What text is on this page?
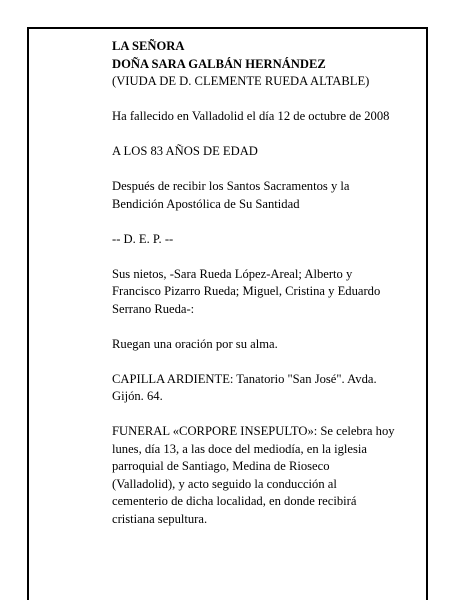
LA SEÑORA
DOÑA SARA GALBÁN HERNÁNDEZ
(VIUDA DE D. CLEMENTE RUEDA ALTABLE)

Ha fallecido en Valladolid el día 12 de octubre de 2008

A LOS 83 AÑOS DE EDAD

Después de recibir los Santos Sacramentos y la
Bendición Apostólica de Su Santidad

-- D. E. P. --

Sus nietos, -Sara Rueda López-Areal; Alberto y
Francisco Pizarro Rueda; Miguel, Cristina y Eduardo
Serrano Rueda-:

Ruegan una oración por su alma.

CAPILLA ARDIENTE: Tanatorio "San José". Avda.
Gijón. 64.

FUNERAL «CORPORE INSEPULTO»: Se celebra hoy
lunes, día 13, a las doce del mediodía, en la iglesia
parroquial de Santiago, Medina de Rioseco
(Valladolid), y acto seguido la conducción al
cementerio de dicha localidad, en donde recibirá
cristiana sepultura.
